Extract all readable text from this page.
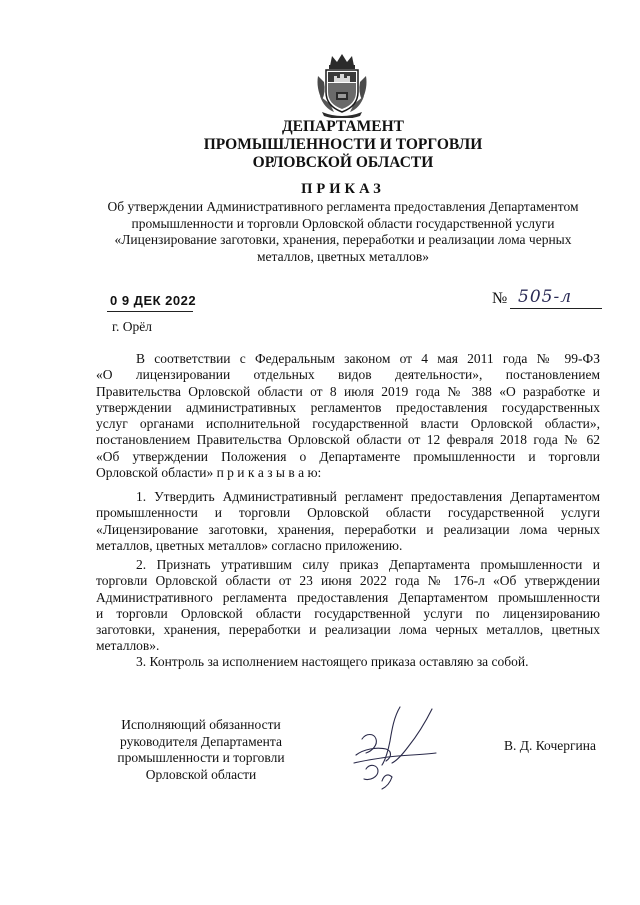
ДЕПАРТАМЕНТ
ПРОМЫШЛЕННОСТИ И ТОРГОВЛИ
ОРЛОВСКОЙ ОБЛАСТИ
ПРИКАЗ
Об утверждении Административного регламента предоставления Департаментом
промышленности и торговли Орловской области государственной услуги
«Лицензирование заготовки, хранения, переработки и реализации лома черных
металлов, цветных металлов»
0 9 ДЕК 2022	№ 505-л
г. Орёл
В соответствии с Федеральным законом от 4 мая 2011 года № 99-ФЗ
«О лицензировании отдельных видов деятельности», постановлением
Правительства Орловской области от 8 июля 2019 года № 388 «О разработке и
утверждении административных регламентов предоставления государственных
услуг органами исполнительной государственной власти Орловской области»,
постановлением Правительства Орловской области от 12 февраля 2018 года № 62
«Об утверждении Положения о Департаменте промышленности и торговли
Орловской области» п р и к а з ы в а ю:
1. Утвердить Административный регламент предоставления Департаментом
промышленности и торговли Орловской области государственной услуги
«Лицензирование заготовки, хранения, переработки и реализации лома черных
металлов, цветных металлов» согласно приложению.
2. Признать утратившим силу приказ Департамента промышленности и
торговли Орловской области от 23 июня 2022 года № 176-л «Об утверждении
Административного регламента предоставления Департаментом промышленности
и торговли Орловской области государственной услуги по лицензированию
заготовки, хранения, переработки и реализации лома черных металлов, цветных
металлов».
3. Контроль за исполнением настоящего приказа оставляю за собой.
Исполняющий обязанности
руководителя Департамента
промышленности и торговли
Орловской области
В. Д. Кочергина
